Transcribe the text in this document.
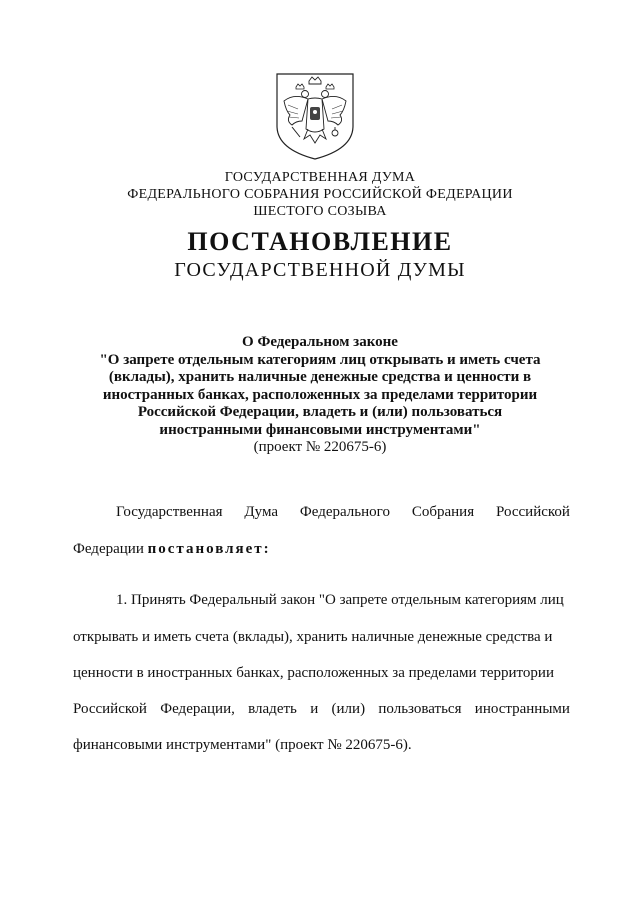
ГОСУДАРСТВЕННАЯ ДУМА
ФЕДЕРАЛЬНОГО СОБРАНИЯ РОССИЙСКОЙ ФЕДЕРАЦИИ
ШЕСТОГО СОЗЫВА
ПОСТАНОВЛЕНИЕ
ГОСУДАРСТВЕННОЙ ДУМЫ
О Федеральном законе
"О запрете отдельным категориям лиц открывать и иметь счета
(вклады), хранить наличные денежные средства и ценности в
иностранных банках, расположенных за пределами территории
Российской Федерации, владеть и (или) пользоваться
иностранными финансовыми инструментами"
(проект № 220675-6)
Государственная Дума Федерального Собрания Российской
Федерации постановляет:
1. Принять Федеральный закон "О запрете отдельным категориям лиц
открывать и иметь счета (вклады), хранить наличные денежные средства и
ценности в иностранных банках, расположенных за пределами территории
Российской Федерации, владеть и (или) пользоваться иностранными
финансовыми инструментами" (проект № 220675-6).
